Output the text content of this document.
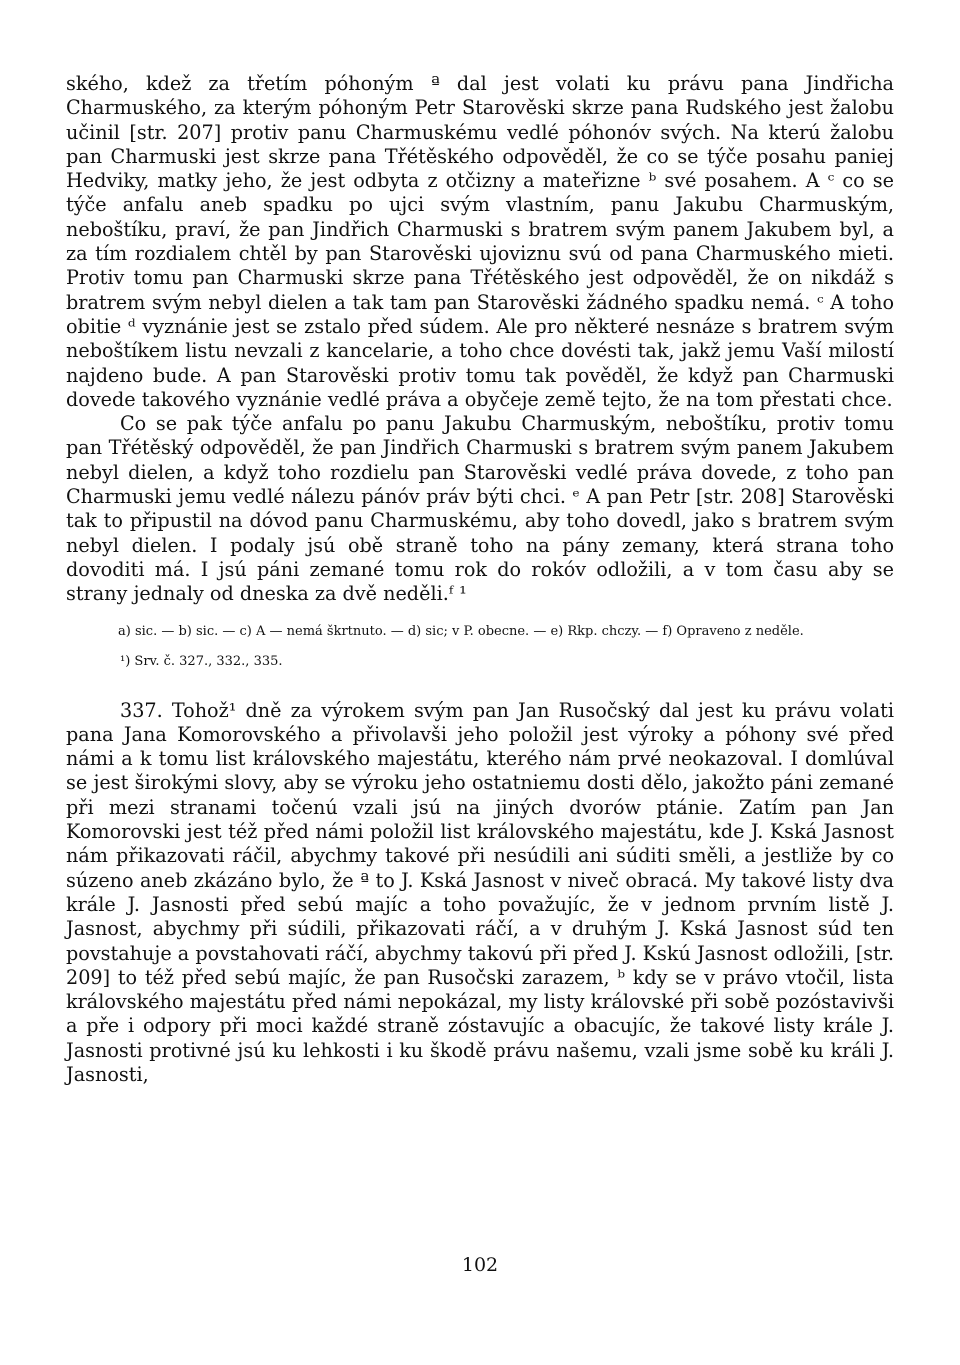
ského, kdež za třetím póhoným ª dal jest volati ku právu pana Jindřicha Charmuského, za kterým póhoným Petr Starověski skrze pana Rudského jest žalobu učinil [str. 207] protiv panu Charmuskému vedlé póhonóv svých. Na kterú žalobu pan Charmuski jest skrze pana Třétěského odpověděl, že co se týče posahu paniej Hedviky, matky jeho, že jest odbyta z otčizny a mateřizne ᵇ své posahem. A ᶜ co se týče anfalu aneb spadku po ujci svým vlastním, panu Jakubu Charmuským, neboštíku, praví, že pan Jindřich Charmuski s bratrem svým panem Jakubem byl, a za tím rozdialem chtěl by pan Starověski ujoviznu svú od pana Charmuského mieti. Protiv tomu pan Charmuski skrze pana Třétěského jest odpověděl, že on nikdáž s bratrem svým nebyl dielen a tak tam pan Starověski žádného spadku nemá. ᶜ A toho obitie ᵈ vyznánie jest se zstalo před súdem. Ale pro některé nesnáze s bratrem svým neboštíkem listu nevzali z kancelarie, a toho chce dovésti tak, jakž jemu Vaší milostí najdeno bude. A pan Starověski protiv tomu tak pověděl, že když pan Charmuski dovede takového vyznánie vedlé práva a obyčeje země tejto, že na tom přestati chce.

Co se pak týče anfalu po panu Jakubu Charmuským, neboštíku, protiv tomu pan Třétěský odpověděl, že pan Jindřich Charmuski s bratrem svým panem Jakubem nebyl dielen, a když toho rozdielu pan Starověski vedlé práva dovede, z toho pan Charmuski jemu vedlé nálezu pánóv práv býti chci. ᵉ A pan Petr [str. 208] Starověski tak to připustil na dóvod panu Charmuskému, aby toho dovedl, jako s bratrem svým nebyl dielen. I podaly jsú obě straně toho na pány zemany, která strana toho dovoditi má. I jsú páni zemané tomu rok do rokóv odložili, a v tom času aby se strany jednaly od dneska za dvě neděli.ᶠ ¹

a) sic. — b) sic. — c) A — nemá škrtnuto. — d) sic; v P. obecne. — e) Rkp. chczy. — f) Opraveno z neděle.

¹) Srv. č. 327., 332., 335.

337. Tohož¹ dně za výrokem svým pan Jan Rusočský dal jest ku právu volati pana Jana Komorovského a přivolavši jeho položil jest výroky a póhony své před námi a k tomu list královského majestátu, kterého nám prvé neokazoval. I domlúval se jest širokými slovy, aby se výroku jeho ostatniemu dosti dělo, jakožto páni zemané při mezi stranami točenú vzali jsú na jiných dvorów ptánie. Zatím pan Jan Komorovski jest též před námi položil list královského majestátu, kde J. Kská Jasnost nám přikazovati ráčil, abychmy takové při nesúdili ani súditi směli, a jestliže by co súzeno aneb zkázáno bylo, že ª to J. Kská Jasnost v niveč obracá. My takové listy dva krále J. Jasnosti před sebú majíc a toho považujíc, že v jednom prvním listě J. Jasnost, abychmy při súdili, přikazovati ráčí, a v druhým J. Kská Jasnost súd ten povstahuje a povstahovati ráčí, abychmy takovú při před J. Kskú Jasnost odložili, [str. 209] to též před sebú majíc, že pan Rusočski zarazem, ᵇ kdy se v právo vtočil, lista královského majestátu před námi nepokázal, my listy královské při sobě pozóstavivši a pře i odpory při moci každé straně zóstavujíc a obacujíc, že takové listy krále J. Jasnosti protivné jsú ku lehkosti i ku škodě právu našemu, vzali jsme sobě ku králi J. Jasnosti,

102
